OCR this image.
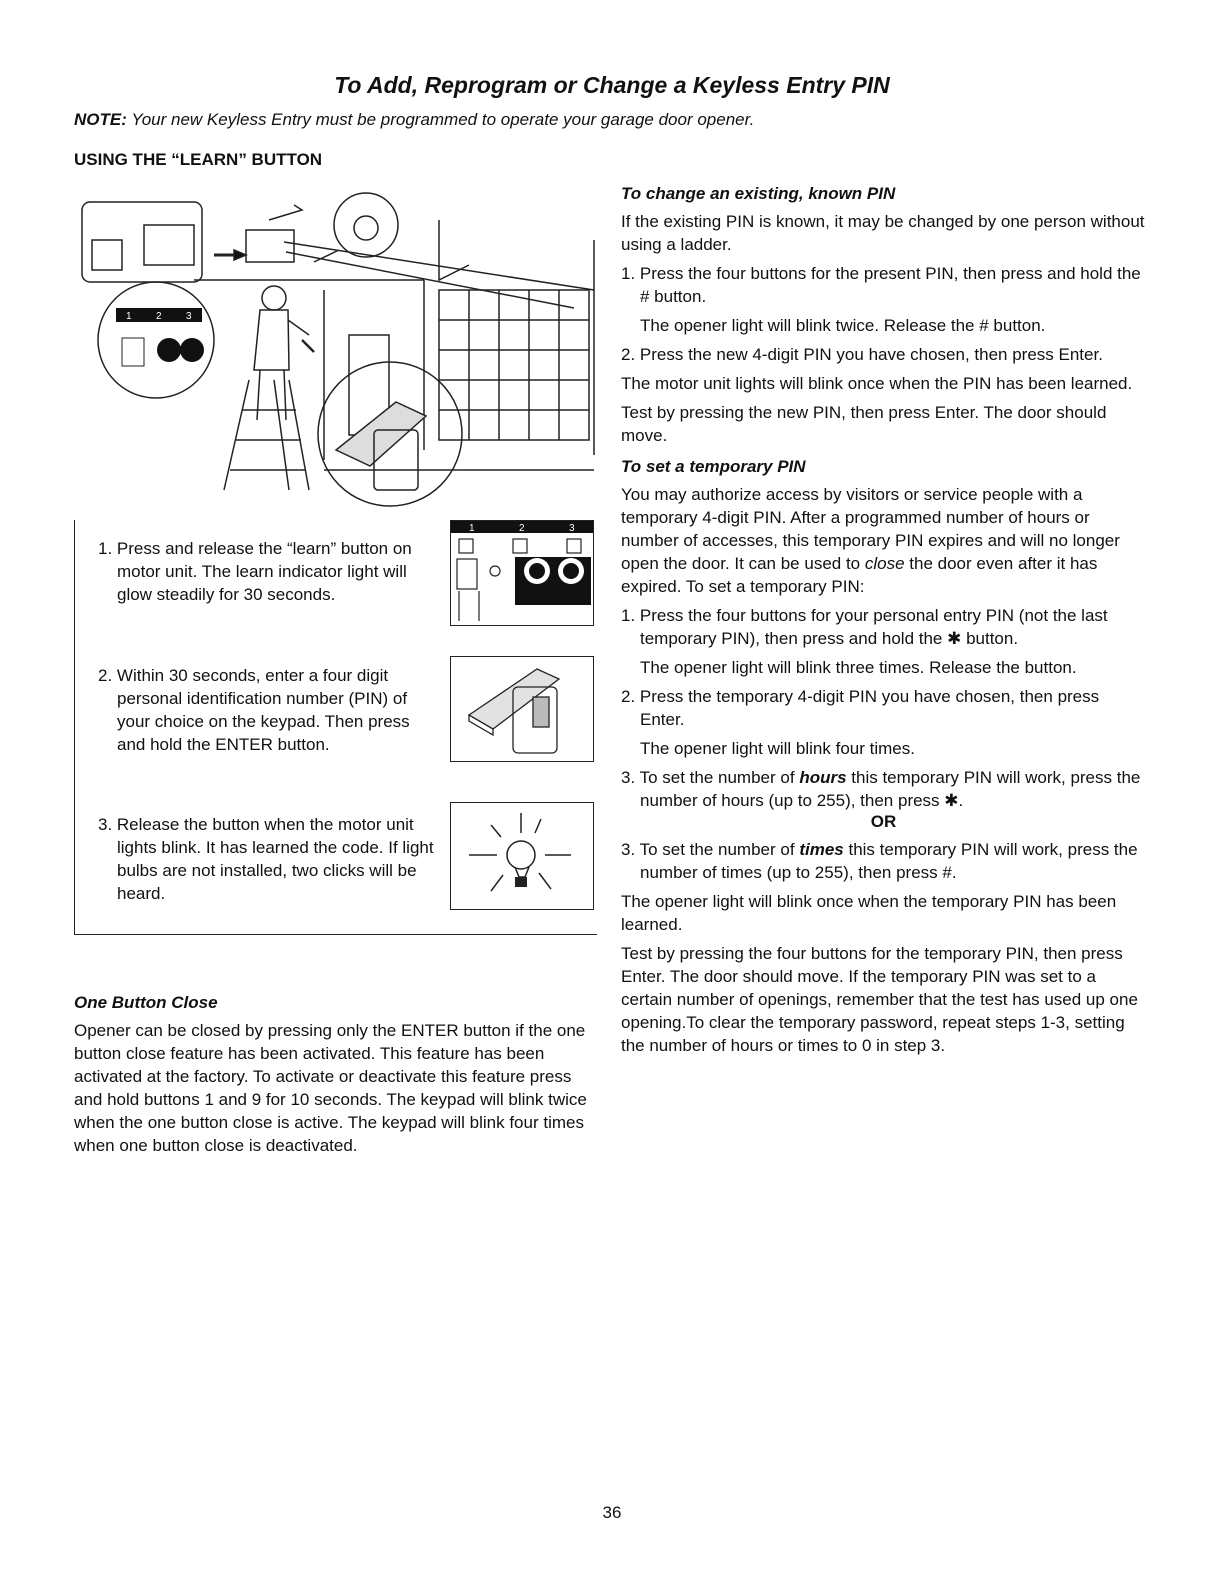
To Add, Reprogram or Change a Keyless Entry PIN
NOTE: Your new Keyless Entry must be programmed to operate your garage door opener.
USING THE “LEARN” BUTTON
1 2 3

1. Press and release the “learn” button on motor unit. The learn indicator light will glow steadily for 30 seconds.

2. Within 30 seconds, enter a four digit personal identification number (PIN) of your choice on the keypad. Then press and hold the ENTER button.

3. Release the button when the motor unit lights blink. It has learned the code. If light bulbs are not installed, two clicks will be heard.

1	2	3

One Button Close

Opener can be closed by pressing only the ENTER button if the one button close feature has been activated. This feature has been activated at the factory. To activate or deactivate this feature press and hold buttons 1 and 9 for 10 seconds. The keypad will blink twice when the one button close is active. The keypad will blink four times when one button close is deactivated.

To change an existing, known PIN

If the existing PIN is known, it may be changed by one person without using a ladder.

1. Press the four buttons for the present PIN, then press and hold the # button.

The opener light will blink twice. Release the # button.

2. Press the new 4-digit PIN you have chosen, then press Enter.

The motor unit lights will blink once when the PIN has been learned.

Test by pressing the new PIN, then press Enter. The door should move.

To set a temporary PIN

You may authorize access by visitors or service people with a temporary 4-digit PIN. After a programmed number of hours or number of accesses, this temporary PIN expires and will no longer open the door. It can be used to close the door even after it has expired. To set a temporary PIN:

1. Press the four buttons for your personal entry PIN (not the last temporary PIN), then press and hold the ✱ button.

The opener light will blink three times. Release the button.

2. Press the temporary 4-digit PIN you have chosen, then press Enter.

The opener light will blink four times.

3. To set the number of hours this temporary PIN will work, press the number of hours (up to 255), then press ✱.

OR

3. To set the number of times this temporary PIN will work, press the number of times (up to 255), then press #.

The opener light will blink once when the temporary PIN has been learned.

Test by pressing the four buttons for the temporary PIN, then press Enter. The door should move. If the temporary PIN was set to a certain number of openings, remember that the test has used up one opening.To clear the temporary password, repeat steps 1-3, setting the number of hours or times to 0 in step 3.

36
